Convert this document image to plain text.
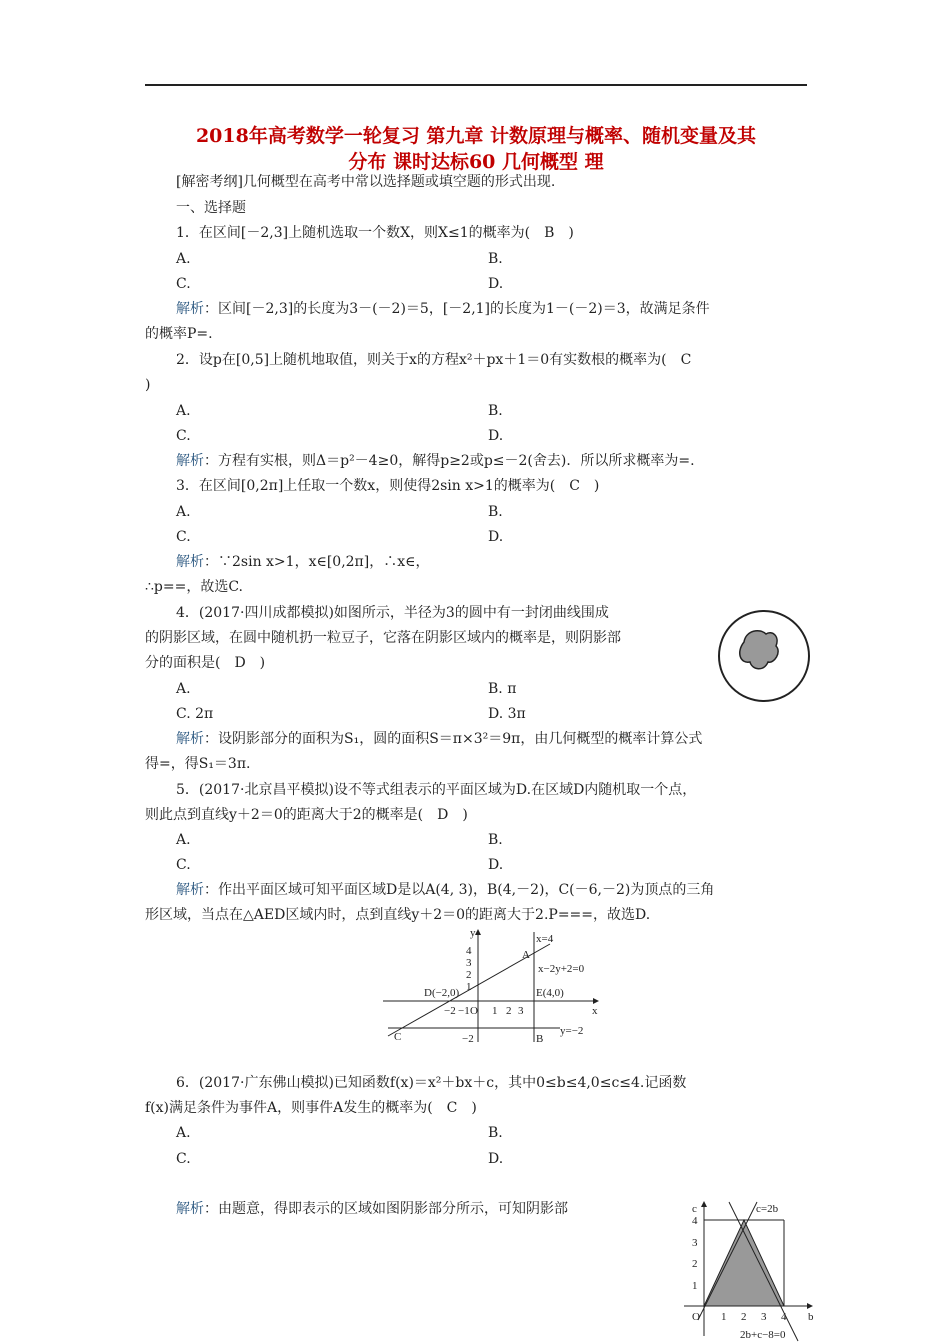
2018年高考数学一轮复习 第九章 计数原理与概率、随机变量及其
分布 课时达标60 几何概型 理
[解密考纲]几何概型在高考中常以选择题或填空题的形式出现.
一、选择题
1．在区间[－2,3]上随机选取一个数X，则X≤1的概率为(　B　)
A.	B.
C.	D.
解析：区间[－2,3]的长度为3－(－2)＝5，[－2,1]的长度为1－(－2)＝3，故满足条件
的概率P=.
2．设p在[0,5]上随机地取值，则关于x的方程x²＋px＋1＝0有实数根的概率为(　C
)
A.	B.
C.	D.
解析：方程有实根，则Δ＝p²－4≥0，解得p≥2或p≤－2(舍去)．所以所求概率为=.
3．在区间[0,2π]上任取一个数x，则使得2sin x>1的概率为(　C　)
A.	B.
C.	D.
解析：∵2sin x>1，x∈[0,2π]，∴x∈，
∴p==，故选C.
4．(2017·四川成都模拟)如图所示，半径为3的圆中有一封闭曲线围成
的阴影区域，在圆中随机扔一粒豆子，它落在阴影区域内的概率是，则阴影部
分的面积是(　D　)
A.	B. π
C. 2π	D. 3π
解析：设阴影部分的面积为S₁，圆的面积S＝π×3²＝9π，由几何概型的概率计算公式
得=，得S₁＝3π.
5．(2017·北京昌平模拟)设不等式组表示的平面区域为D.在区域D内随机取一个点，
则此点到直线y＋2＝0的距离大于2的概率是(　D　)
A.	B.
C.	D.
解析：作出平面区域可知平面区域D是以A(4, 3)，B(4,－2)，C(－6,－2)为顶点的三角
形区域，当点在△AED区域内时，点到直线y＋2＝0的距离大于2.P===，故选D.
y
x
x=4
x−2y+2=0
y=−2
A
B
C
D(−2,0)	E(4,0)
O
4
3
2
1
−2
−2 −1 1 2 3
6．(2017·广东佛山模拟)已知函数f(x)＝x²＋bx＋c，其中0≤b≤4,0≤c≤4.记函数
f(x)满足条件为事件A，则事件A发生的概率为(　C　)
A.	B.
C.	D.
解析：由题意，得即表示的区域如图阴影部分所示，可知阴影部	c
b
c=2b
2b+c−8=0
O
4
3
2
1
1 2 3 4
